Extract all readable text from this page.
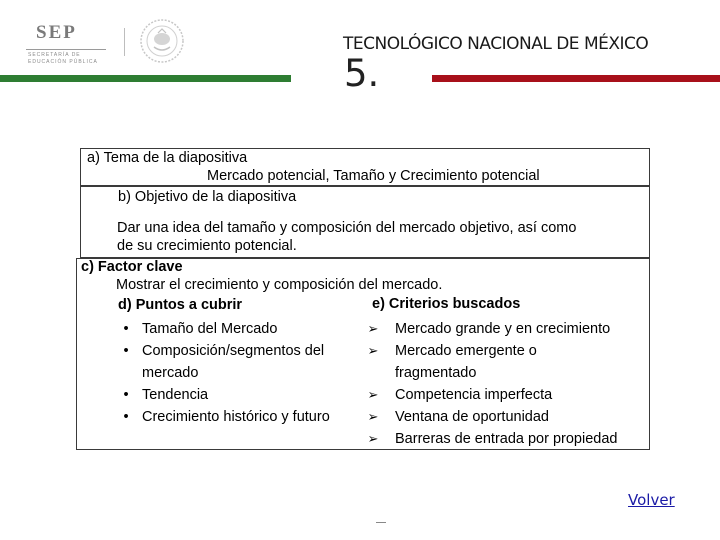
SEP
SECRETARÍA DE
EDUCACIÓN PÚBLICA
TECNOLÓGICO NACIONAL DE MÉXICO
5.
a) Tema de la diapositiva
Mercado potencial, Tamaño y Crecimiento potencial
b) Objetivo de la diapositiva
Dar una idea del tamaño y composición del mercado objetivo, así como
de su crecimiento potencial.
c) Factor clave
Mostrar el crecimiento y composición del mercado.
d) Puntos a cubrir	e) Criterios buscados
• Tamaño del Mercado
• Composición/segmentos del
mercado
• Tendencia
• Crecimiento histórico y futuro
➢ Mercado grande y en crecimiento
➢ Mercado emergente o
fragmentado
➢ Competencia imperfecta
➢ Ventana de oportunidad
➢ Barreras de entrada por propiedad
Volver
